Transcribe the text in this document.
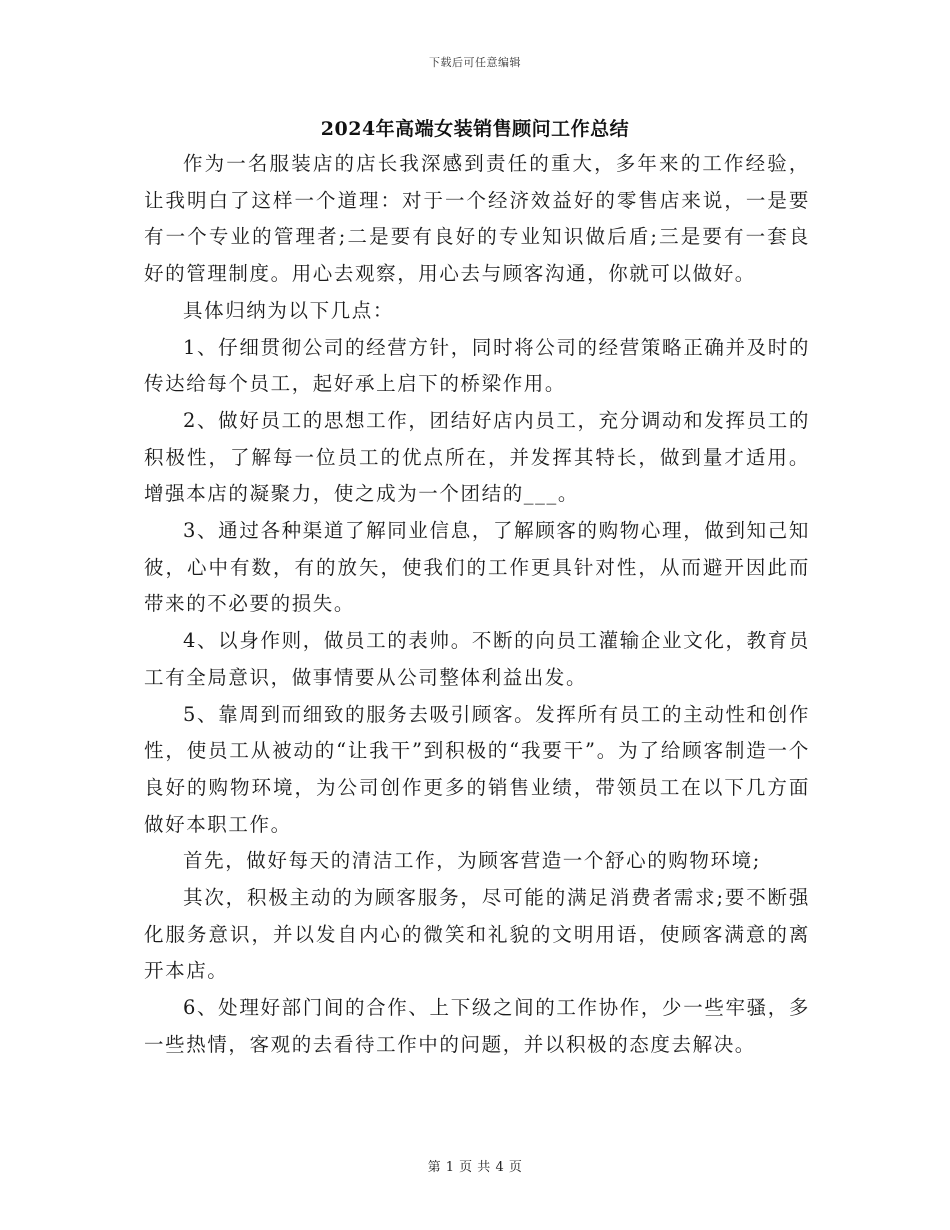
下载后可任意编辑
2024年高端女装销售顾问工作总结

作为一名服装店的店长我深感到责任的重大，多年来的工作经验，让我明白了这样一个道理：对于一个经济效益好的零售店来说，一是要有一个专业的管理者;二是要有良好的专业知识做后盾;三是要有一套良好的管理制度。用心去观察，用心去与顾客沟通，你就可以做好。

具体归纳为以下几点：

1、仔细贯彻公司的经营方针，同时将公司的经营策略正确并及时的传达给每个员工，起好承上启下的桥梁作用。

2、做好员工的思想工作，团结好店内员工，充分调动和发挥员工的积极性，了解每一位员工的优点所在，并发挥其特长，做到量才适用。增强本店的凝聚力，使之成为一个团结的___。

3、通过各种渠道了解同业信息，了解顾客的购物心理，做到知己知彼，心中有数，有的放矢，使我们的工作更具针对性，从而避开因此而带来的不必要的损失。

4、以身作则，做员工的表帅。不断的向员工灌输企业文化，教育员工有全局意识，做事情要从公司整体利益出发。

5、靠周到而细致的服务去吸引顾客。发挥所有员工的主动性和创作性，使员工从被动的“让我干”到积极的“我要干”。为了给顾客制造一个良好的购物环境，为公司创作更多的销售业绩，带领员工在以下几方面做好本职工作。

首先，做好每天的清洁工作，为顾客营造一个舒心的购物环境;

其次，积极主动的为顾客服务，尽可能的满足消费者需求;要不断强化服务意识，并以发自内心的微笑和礼貌的文明用语，使顾客满意的离开本店。

6、处理好部门间的合作、上下级之间的工作协作，少一些牢骚，多一些热情，客观的去看待工作中的问题，并以积极的态度去解决。

第 1 页 共 4 页
